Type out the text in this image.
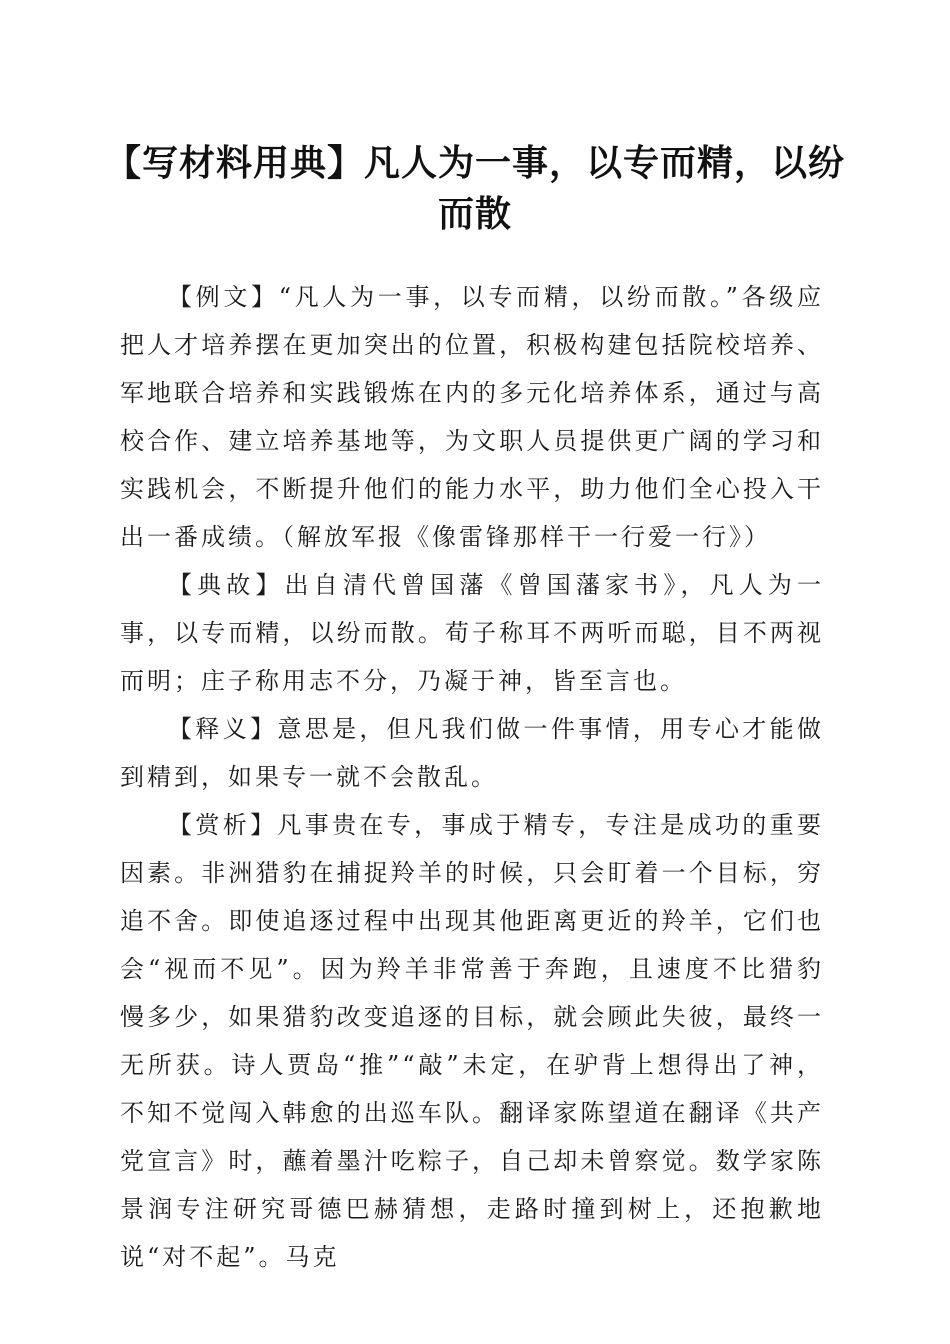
【写材料用典】凡人为一事，以专而精，以纷而散

【例文】“凡人为一事，以专而精，以纷而散。”各级应把人才培养摆在更加突出的位置，积极构建包括院校培养、军地联合培养和实践锻炼在内的多元化培养体系，通过与高校合作、建立培养基地等，为文职人员提供更广阔的学习和实践机会，不断提升他们的能力水平，助力他们全心投入干出一番成绩。（解放军报《像雷锋那样干一行爱一行》）

【典故】出自清代曾国藩《曾国藩家书》，凡人为一事，以专而精，以纷而散。荀子称耳不两听而聪，目不两视而明；庄子称用志不分，乃凝于神，皆至言也。

【释义】意思是，但凡我们做一件事情，用专心才能做到精到，如果专一就不会散乱。

【赏析】凡事贵在专，事成于精专，专注是成功的重要因素。非洲猎豹在捕捉羚羊的时候，只会盯着一个目标，穷追不舍。即使追逐过程中出现其他距离更近的羚羊，它们也会“视而不见”。因为羚羊非常善于奔跑，且速度不比猎豹慢多少，如果猎豹改变追逐的目标，就会顾此失彼，最终一无所获。诗人贾岛“推”“敲”未定，在驴背上想得出了神，不知不觉闯入韩愈的出巡车队。翻译家陈望道在翻译《共产党宣言》时，蘸着墨汁吃粽子，自己却未曾察觉。数学家陈景润专注研究哥德巴赫猜想，走路时撞到树上，还抱歉地说“对不起”。马克
